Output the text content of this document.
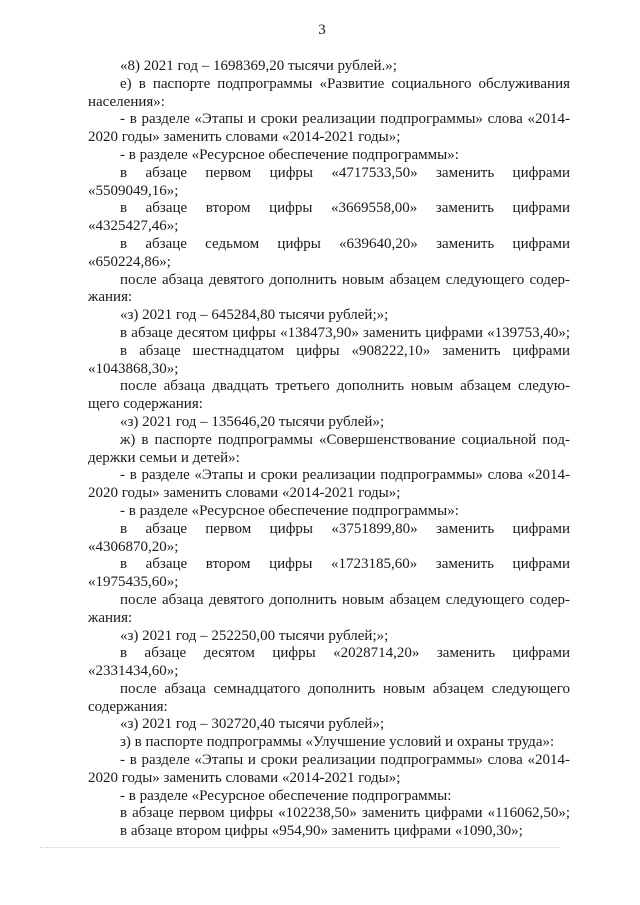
3
«8) 2021 год – 1698369,20 тысячи рублей.»;
е) в паспорте подпрограммы «Развитие социального обслуживания
населения»:
- в разделе «Этапы и сроки реализации подпрограммы» слова «2014-
2020 годы» заменить словами «2014-2021 годы»;
- в разделе «Ресурсное обеспечение подпрограммы»:
в абзаце первом цифры «4717533,50» заменить цифрами
«5509049,16»;
в абзаце втором цифры «3669558,00» заменить цифрами
«4325427,46»;
в абзаце седьмом цифры «639640,20» заменить цифрами
«650224,86»;
после абзаца девятого дополнить новым абзацем следующего содер-
жания:
«з) 2021 год – 645284,80 тысячи рублей;»;
в абзаце десятом цифры «138473,90» заменить цифрами «139753,40»;
в абзаце шестнадцатом цифры «908222,10» заменить цифрами
«1043868,30»;
после абзаца двадцать третьего дополнить новым абзацем следую-
щего содержания:
«з) 2021 год – 135646,20 тысячи рублей»;
ж) в паспорте подпрограммы «Совершенствование социальной под-
держки семьи и детей»:
- в разделе «Этапы и сроки реализации подпрограммы» слова «2014-
2020 годы» заменить словами «2014-2021 годы»;
- в разделе «Ресурсное обеспечение подпрограммы»:
в абзаце первом цифры «3751899,80» заменить цифрами
«4306870,20»;
в абзаце втором цифры «1723185,60» заменить цифрами
«1975435,60»;
после абзаца девятого дополнить новым абзацем следующего содер-
жания:
«з) 2021 год – 252250,00 тысячи рублей;»;
в абзаце десятом цифры «2028714,20» заменить цифрами
«2331434,60»;
после абзаца семнадцатого дополнить новым абзацем следующего
содержания:
«з) 2021 год – 302720,40 тысячи рублей»;
з) в паспорте подпрограммы «Улучшение условий и охраны труда»:
- в разделе «Этапы и сроки реализации подпрограммы» слова «2014-
2020 годы» заменить словами «2014-2021 годы»;
- в разделе «Ресурсное обеспечение подпрограммы:
в абзаце первом цифры «102238,50» заменить цифрами «116062,50»;
в абзаце втором цифры «954,90» заменить цифрами «1090,30»;
